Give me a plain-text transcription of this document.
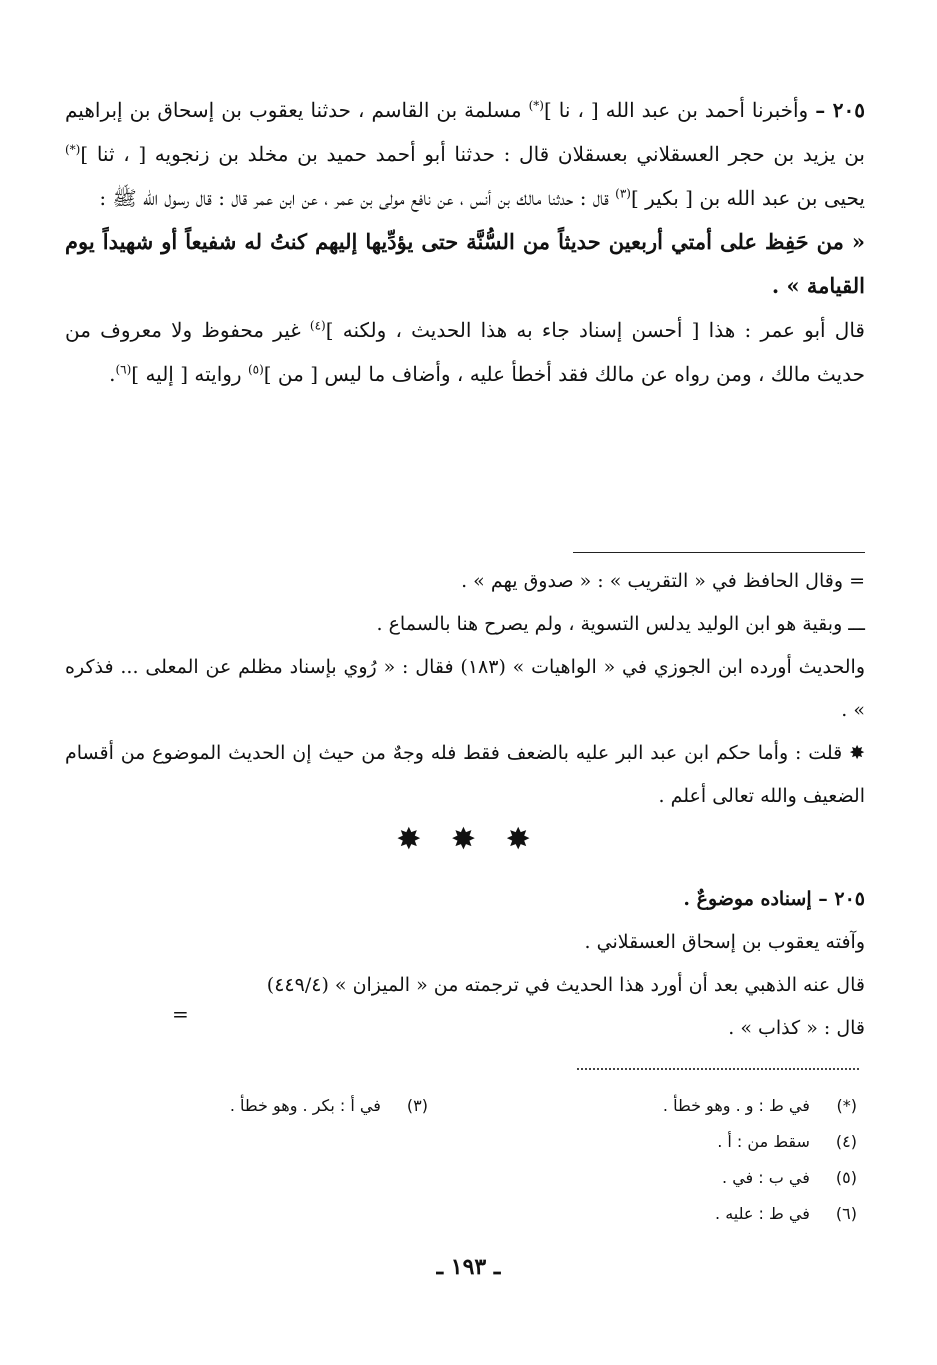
٢٠٥ – وأخبرنا أحمد بن عبد الله [ ، نا ](*) مسلمة بن القاسم ، حدثنا يعقوب بن إسحاق بن إبراهيم بن يزيد بن حجر العسقلاني بعسقلان قال : حدثنا أبو أحمد حميد بن مخلد بن زنجويه [ ، ثنا ](*) يحيى بن عبد الله بن [ بكير ]$^{(٣)}$ قال : حدثنا مالك بن أنس ، عن نافع مولى بن عمر ، عن ابن عمر قال : قال رسول الله ﷺ :

« من حَفِظ على أمتي أربعين حديثاً من السُّنَّة حتى يؤدِّيها إليهم كنتُ له شفيعاً أو شهيداً يوم القيامة » .

قال أبو عمر : هذا [ أحسن إسناد جاء به هذا الحديث ، ولكنه ]$^{(٤)}$ غير محفوظ ولا معروف من حديث مالك ، ومن رواه عن مالك فقد أخطأ عليه ، وأضاف ما ليس [ من ]$^{(٥)}$ روايته [ إليه ]$^{(٦)}$.

= وقال الحافظ في « التقريب » : « صدوق يهم » .

ـــ وبقية هو ابن الوليد يدلس التسوية ، ولم يصرح هنا بالسماع .

والحديث أورده ابن الجوزي في « الواهيات » (١٨٣) فقال : « رُوي بإسناد مظلم عن المعلى ... فذكره » .

✸ قلت : وأما حكم ابن عبد البر عليه بالضعف فقط فله وجهٌ من حيث إن الحديث الموضوع من أقسام الضعيف والله تعالى أعلم .

✸ ✸ ✸

٢٠٥ – إسناده موضوعٌ .

وآفته يعقوب بن إسحاق العسقلاني .

قال عنه الذهبي بعد أن أورد هذا الحديث في ترجمته من « الميزان » (٤٤٩/٤)

قال : « كذاب » .

=
(*) في ط : و . وهو خطأ .
(٤) سقط من : أ .
(٥) في ب : في .
(٦) في ط : عليه .
(٣) في أ : بكر . وهو خطأ .
ـ ١٩٣ ـ
